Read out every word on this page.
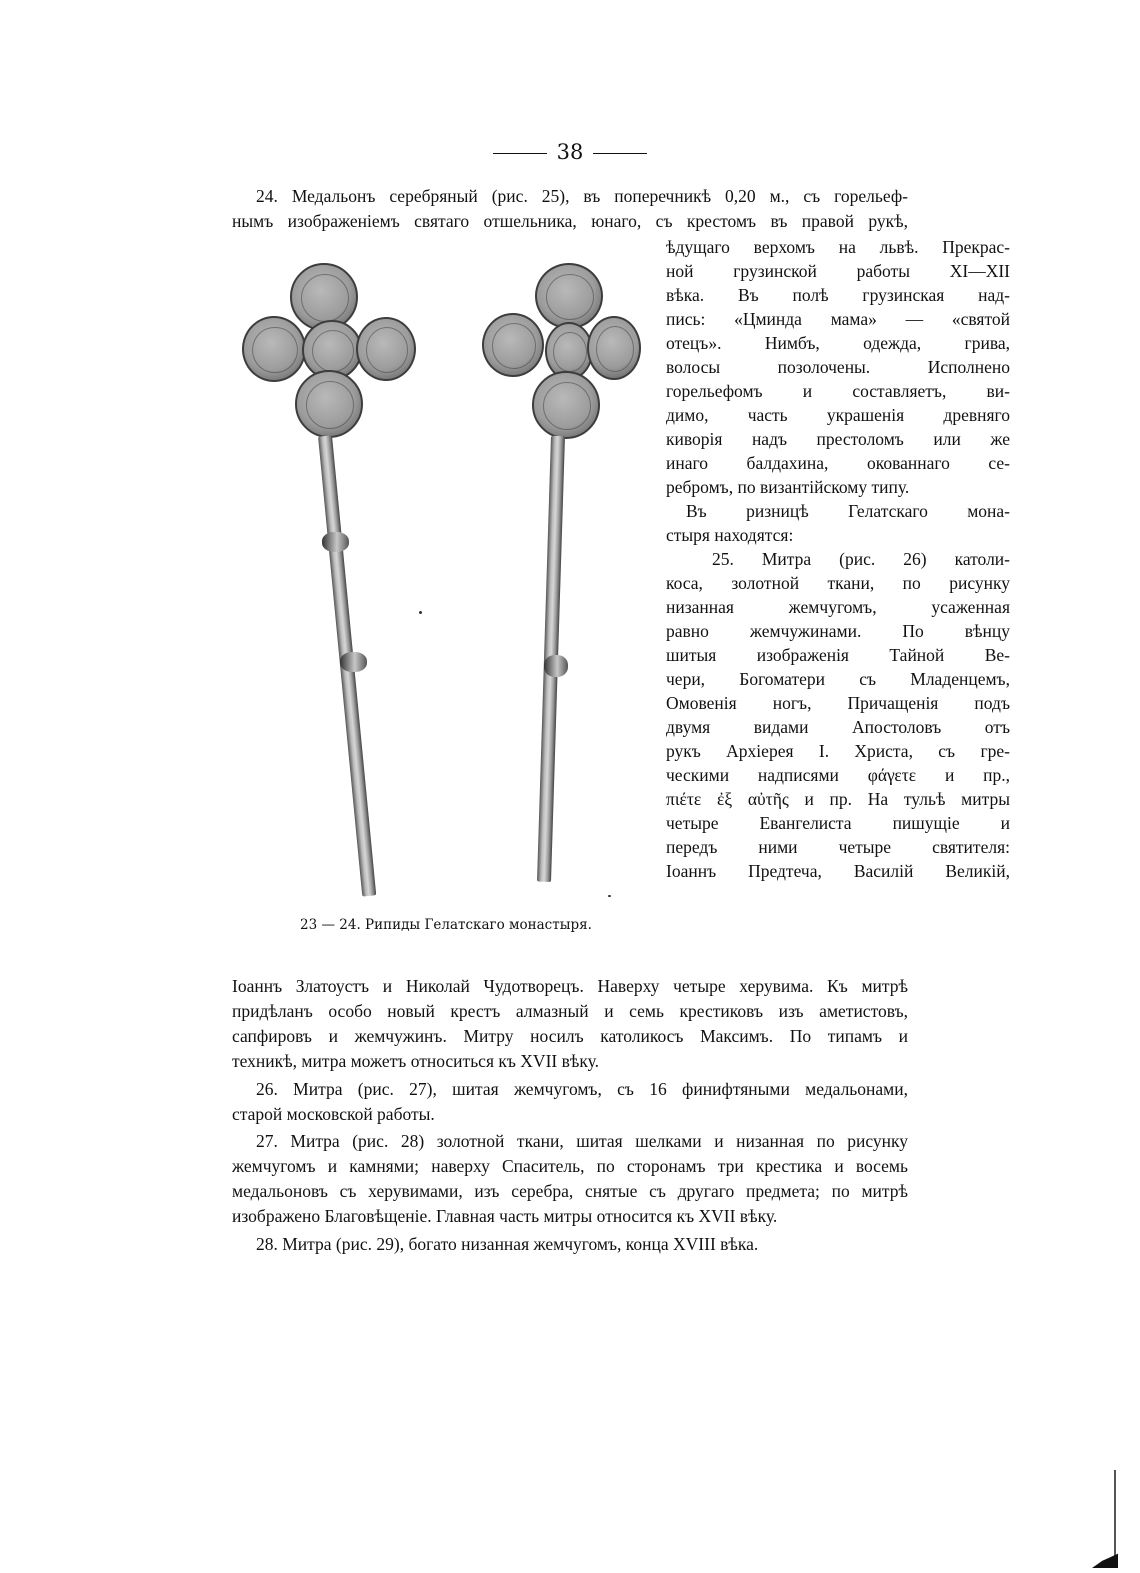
38
24. Медальонъ серебряный (рис. 25), въ поперечникѣ 0,20 м., съ горельеф-
нымъ изображенiемъ святаго отшельника, юнаго, съ крестомъ въ правой рукѣ,
ѣдущаго верхомъ на львѣ. Прекрас-
ной грузинской работы XI—XII
вѣка. Въ полѣ грузинская над-
пись: «Цминда мама» — «святой
отецъ». Нимбъ, одежда, грива,
волосы позолочены. Исполнено
горельефомъ и составляетъ, ви-
димо, часть украшенiя древняго
киворiя надъ престоломъ или же
инаго балдахина, окованнаго се-
ребромъ, по византiйскому типу.
Въ ризницѣ Гелатскаго мона-
стыря находятся:
25. Митра (рис. 26) католи-
коса, золотной ткани, по рисунку
низанная жемчугомъ, усаженная
равно жемчужинами. По вѣнцу
шитыя изображенiя Тайной Ве-
чери, Богоматери съ Младенцемъ,
Омовенiя ногъ, Причащенiя подъ
двумя видами Апостоловъ отъ
рукъ Архiерея I. Христа, съ гре-
ческими надписями φάγετε и пр.,
πιέτε ἐξ αὐτῆς и пр. На тульѣ митры
четыре Евангелиста пишущiе и
передъ ними четыре святителя:
Iоаннъ Предтеча, Василiй Великiй,
Iоаннъ Златоустъ и Николай Чудотворецъ. Наверху четыре херувима. Къ митрѣ
придѣланъ особо новый крестъ алмазный и семь крестиковъ изъ аметистовъ,
сапфировъ и жемчужинъ. Митру носилъ католикосъ Максимъ. По типамъ и
техникѣ, митра можетъ относиться къ XVII вѣку.
26. Митра (рис. 27), шитая жемчугомъ, съ 16 финифтяными медальонами,
старой московской работы.
27. Митра (рис. 28) золотной ткани, шитая шелками и низанная по рисунку
жемчугомъ и камнями; наверху Спаситель, по сторонамъ три крестика и восемь
медальоновъ съ херувимами, изъ серебра, снятые съ другаго предмета; по митрѣ
изображено Благовѣщенiе. Главная часть митры относится къ XVII вѣку.
28. Митра (рис. 29), богато низанная жемчугомъ, конца XVIII вѣка.
23 — 24. Рипиды Гелатскаго монастыря.
